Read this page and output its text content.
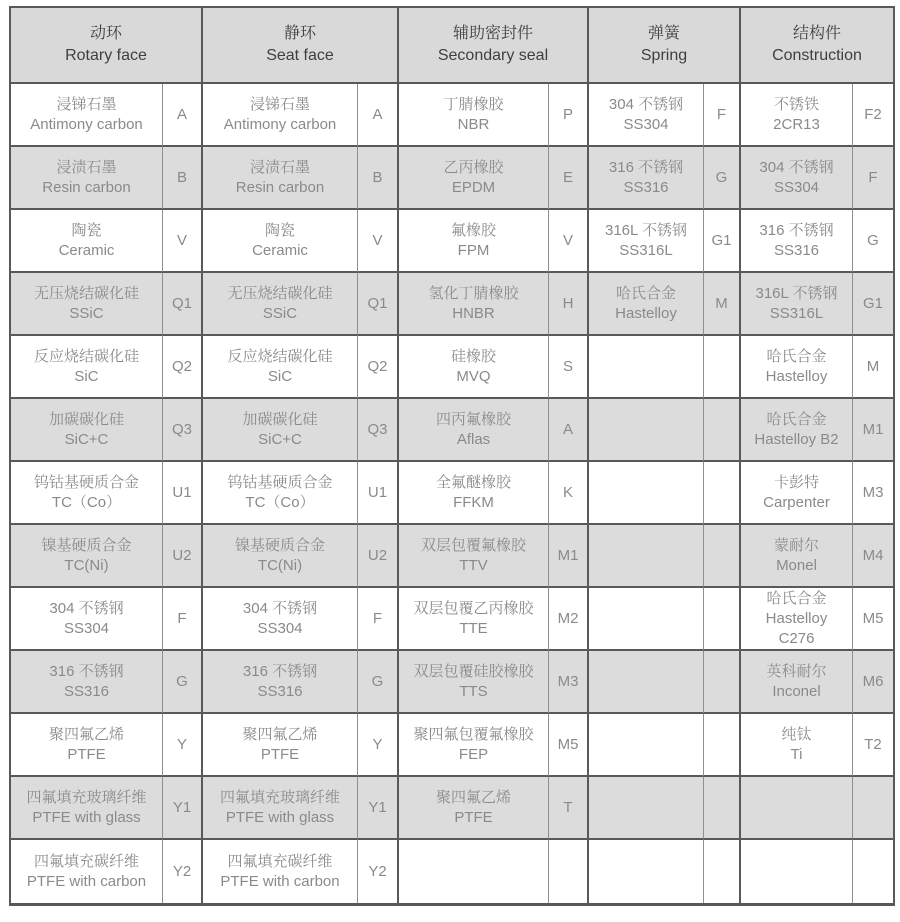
动环
Rotary face
静环
Seat face
辅助密封件
Secondary seal
弹簧
Spring
结构件
Construction
浸锑石墨
Antimony carbon
A
浸锑石墨
Antimony carbon
A
丁腈橡胶
NBR
P
304 不锈钢
SS304
F
不锈铁
2CR13
F2
浸渍石墨
Resin carbon
B
浸渍石墨
Resin carbon
B
乙丙橡胶
EPDM
E
316 不锈钢
SS316
G
304 不锈钢
SS304
F
陶瓷
Ceramic
V
陶瓷
Ceramic
V
氟橡胶
FPM
V
316L 不锈钢
SS316L
G1
316 不锈钢
SS316
G
无压烧结碳化硅
SSiC
Q1
无压烧结碳化硅
SSiC
Q1
氢化丁腈橡胶
HNBR
H
哈氏合金
Hastelloy
M
316L 不锈钢
SS316L
G1
反应烧结碳化硅
SiC
Q2
反应烧结碳化硅
SiC
Q2
硅橡胶
MVQ
S
哈氏合金
Hastelloy
M
加碳碳化硅
SiC+C
Q3
加碳碳化硅
SiC+C
Q3
四丙氟橡胶
Aflas
A
哈氏合金
Hastelloy B2
M1
钨钴基硬质合金
TC（Co）
U1
钨钴基硬质合金
TC（Co）
U1
全氟醚橡胶
FFKM
K
卡彭特
Carpenter
M3
镍基硬质合金
TC(Ni)
U2
镍基硬质合金
TC(Ni)
U2
双层包覆氟橡胶
TTV
M1
蒙耐尔
Monel
M4
304 不锈钢
SS304
F
304 不锈钢
SS304
F
双层包覆乙丙橡胶
TTE
M2
哈氏合金
Hastelloy
C276
M5
316 不锈钢
SS316
G
316 不锈钢
SS316
G
双层包覆硅胶橡胶
TTS
M3
英科耐尔
Inconel
M6
聚四氟乙烯
PTFE
Y
聚四氟乙烯
PTFE
Y
聚四氟包覆氟橡胶
FEP
M5
纯钛
Ti
T2
四氟填充玻璃纤维
PTFE with glass
Y1
四氟填充玻璃纤维
PTFE with glass
Y1
聚四氟乙烯
PTFE
T
四氟填充碳纤维
PTFE with carbon
Y2
四氟填充碳纤维
PTFE with carbon
Y2
